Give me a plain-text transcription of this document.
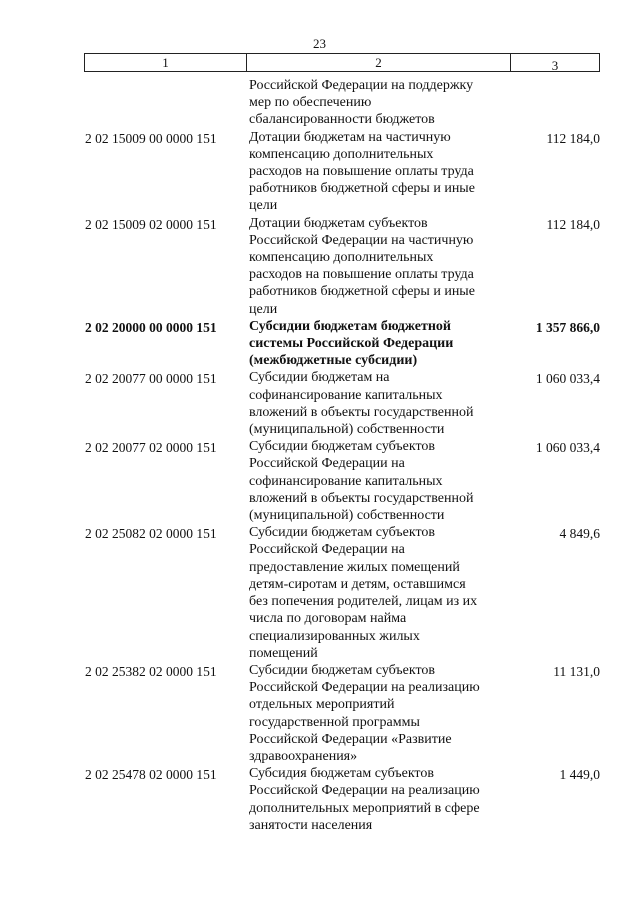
23
1	2	3
Российской Федерации на поддержку
мер по обеспечению
сбалансированности бюджетов
2 02 15009 00 0000 151	Дотации бюджетам на частичную
компенсацию дополнительных
расходов на повышение оплаты труда
работников бюджетной сферы и иные
цели
112 184,0
2 02 15009 02 0000 151	Дотации бюджетам субъектов
Российской Федерации на частичную
компенсацию дополнительных
расходов на повышение оплаты труда
работников бюджетной сферы и иные
цели
112 184,0
2 02 20000 00 0000 151	Субсидии бюджетам бюджетной
системы Российской Федерации
(межбюджетные субсидии)
1 357 866,0
2 02 20077 00 0000 151	Субсидии бюджетам на
софинансирование капитальных
вложений в объекты государственной
(муниципальной) собственности
1 060 033,4
2 02 20077 02 0000 151	Субсидии бюджетам субъектов
Российской Федерации на
софинансирование капитальных
вложений в объекты государственной
(муниципальной) собственности
1 060 033,4
2 02 25082 02 0000 151	Субсидии бюджетам субъектов
Российской Федерации на
предоставление жилых помещений
детям-сиротам и детям, оставшимся
без попечения родителей, лицам из их
числа по договорам найма
специализированных жилых
помещений
4 849,6
2 02 25382 02 0000 151	Субсидии бюджетам субъектов
Российской Федерации на реализацию
отдельных мероприятий
государственной программы
Российской Федерации «Развитие
здравоохранения»
11 131,0
2 02 25478 02 0000 151	Субсидия бюджетам субъектов
Российской Федерации на реализацию
дополнительных мероприятий в сфере
занятости населения
1 449,0
